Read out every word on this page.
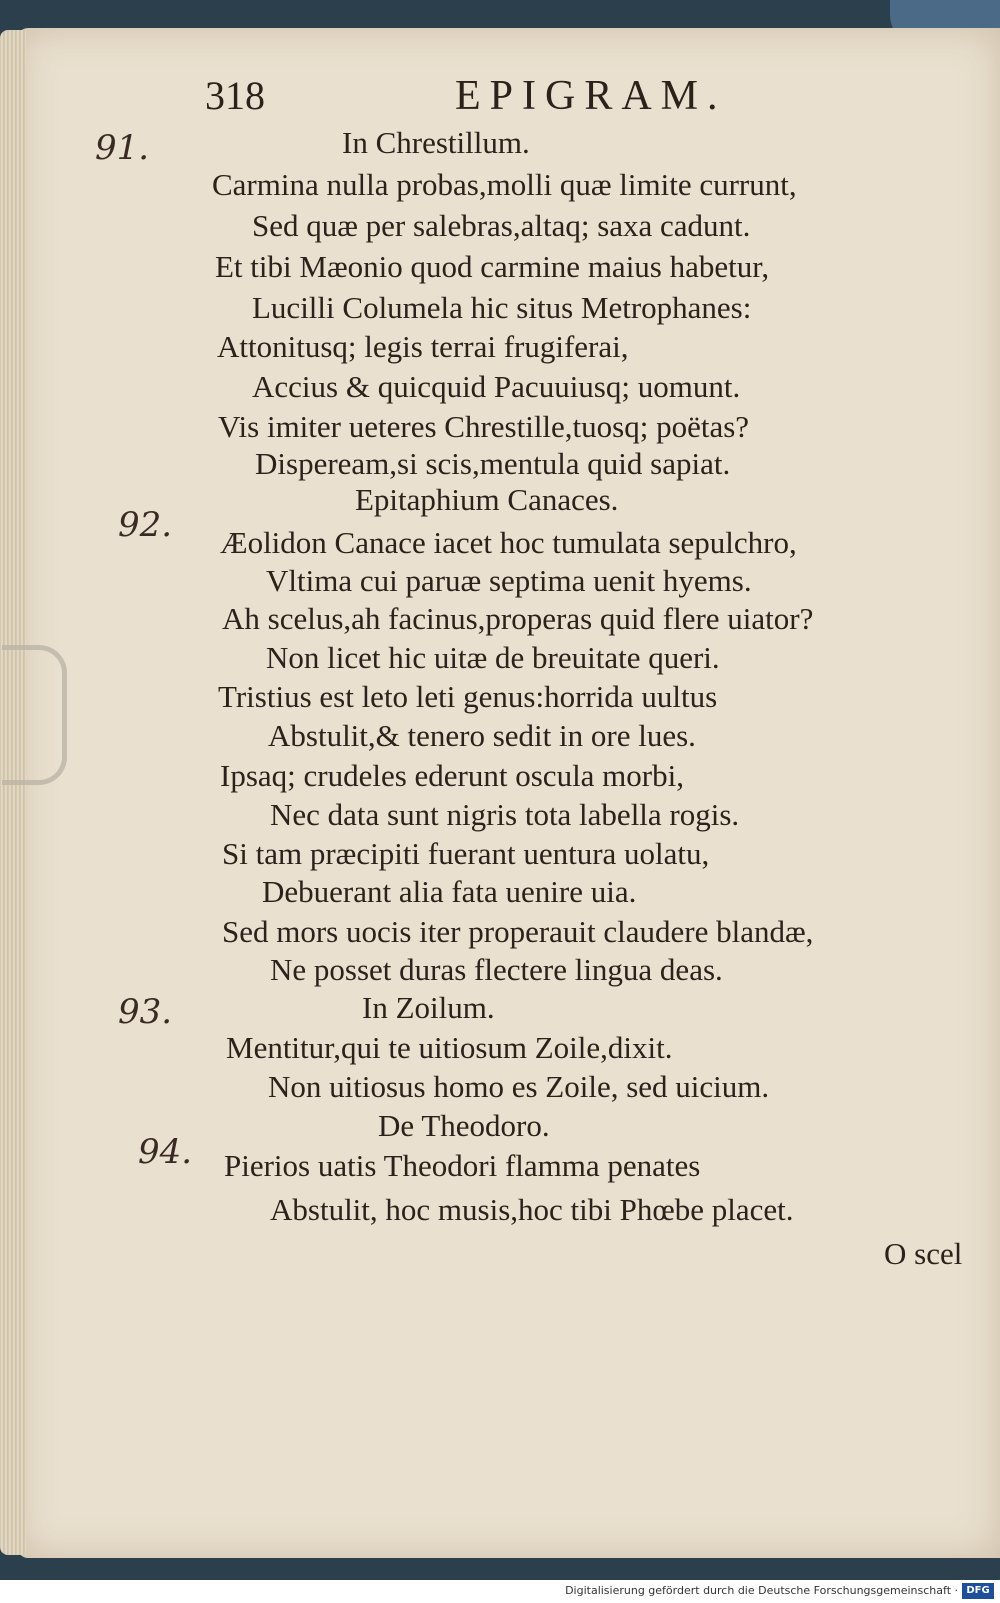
318	EPIGRAM.
91.	In Chrestillum.
Carmina nulla probas,molli quæ limite currunt,
Sed quæ per salebras,altaq; saxa cadunt.
Et tibi Mæonio quod carmine maius habetur,
Lucilli Columela hic situs Metrophanes:
Attonitusq; legis terrai frugiferai,
Accius & quicquid Pacuuiusq; uomunt.
Vis imiter ueteres Chrestille,tuosq; poëtas?
Dispeream,si scis,mentula quid sapiat.
Epitaphium Canaces.
92. Æolidon Canace iacet hoc tumulata sepulchro,
Vltima cui paruæ septima uenit hyems.
Ah scelus,ah facinus,properas quid flere uiator?
Non licet hic uitæ de breuitate queri.
Tristius est leto leti genus:horrida uultus
Abstulit,& tenero sedit in ore lues.
Ipsaq; crudeles ederunt oscula morbi,
Nec data sunt nigris tota labella rogis.
Si tam præcipiti fuerant uentura uolatu,
Debuerant alia fata uenire uia.
Sed mors uocis iter properauit claudere blandæ,
Ne posset duras flectere lingua deas.
93.	In Zoilum.
Mentitur,qui te uitiosum Zoile,dixit.
Non uitiosus homo es Zoile, sed uicium.
De Theodoro.
94. Pierios uatis Theodori flamma penates
Abstulit, hoc musis,hoc tibi Phœbe placet.
O scel
Digitalisierung gefördert durch die Deutsche Forschungsgemeinschaft · DFG
